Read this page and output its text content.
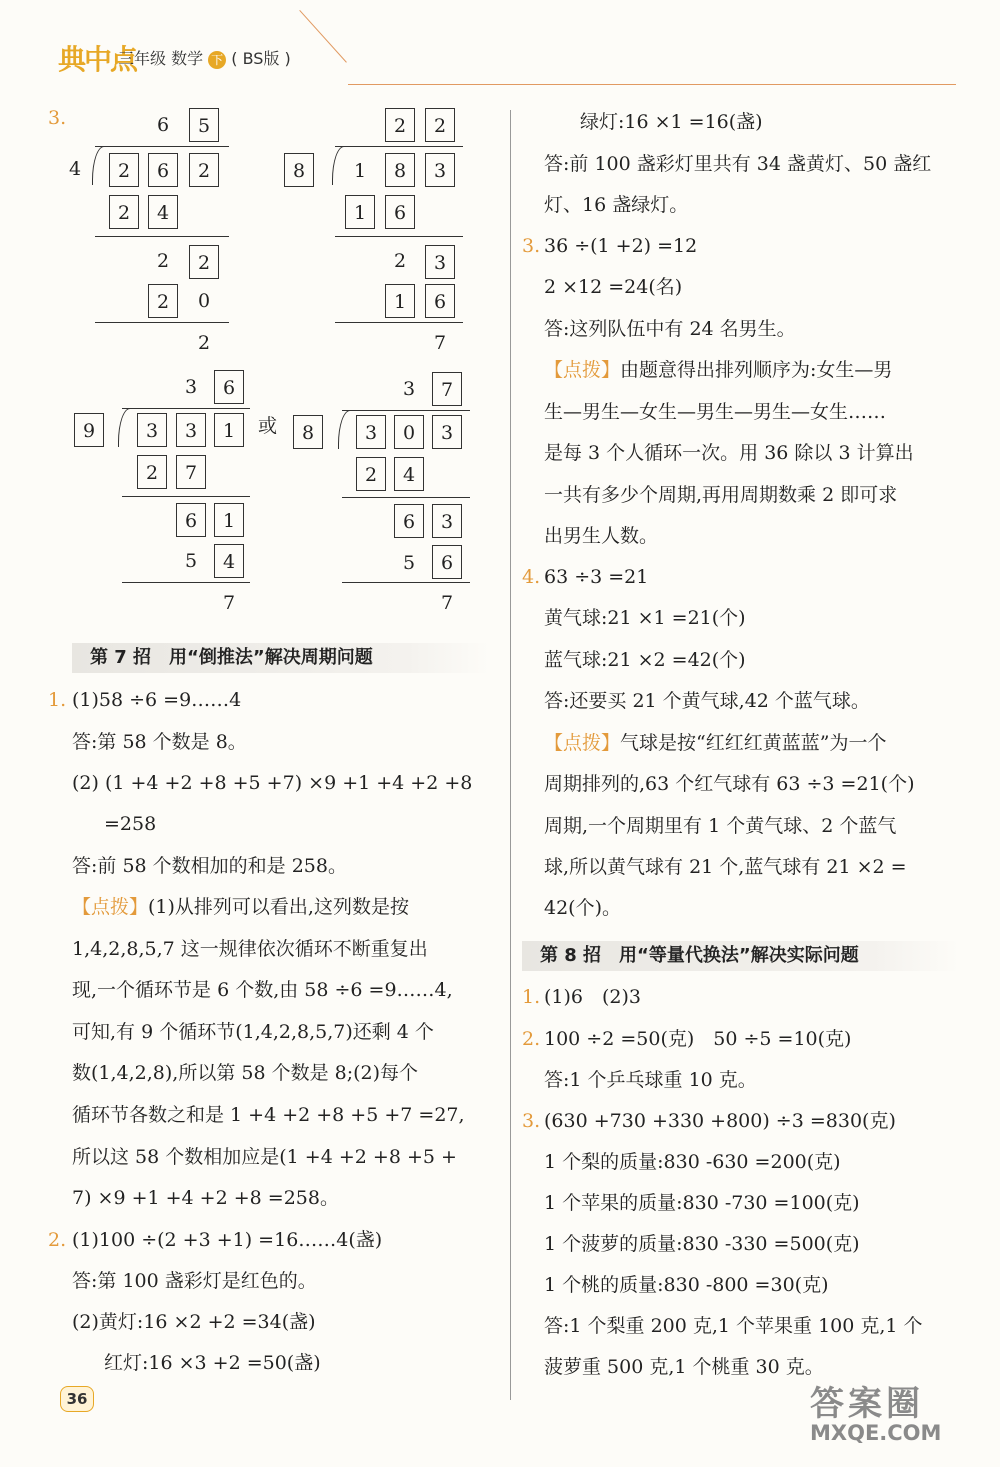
典中点
三年级 数学 下 ( BS版 )
3.	6	5
4	2	6	2
2	4
2	2
2	0
2
2	2
8	1	8	3
1	6
2	3
1	6
7
3	6
9	3	3	1	或
2	7
6	1
5	4
7
3	7
8	3	0	3
2	4
6	3
5	6
7
第 7 招　用“倒推法”解决周期问题
第 8 招　用“等量代换法”解决实际问题
1. (1)58 ÷6 =9……4
答:第 58 个数是 8。
(2) (1 +4 +2 +8 +5 +7) ×9 +1 +4 +2 +8
=258
答:前 58 个数相加的和是 258。
【点拨】(1)从排列可以看出,这列数是按
1,4,2,8,5,7 这一规律依次循环不断重复出
现,一个循环节是 6 个数,由 58 ÷6 =9……4,
可知,有 9 个循环节(1,4,2,8,5,7)还剩 4 个
数(1,4,2,8),所以第 58 个数是 8;(2)每个
循环节各数之和是 1 +4 +2 +8 +5 +7 =27,
所以这 58 个数相加应是(1 +4 +2 +8 +5 +
7) ×9 +1 +4 +2 +8 =258。
2. (1)100 ÷(2 +3 +1) =16……4(盏)
答:第 100 盏彩灯是红色的。
(2)黄灯:16 ×2 +2 =34(盏)
红灯:16 ×3 +2 =50(盏)
绿灯:16 ×1 =16(盏)
答:前 100 盏彩灯里共有 34 盏黄灯、50 盏红
灯、16 盏绿灯。
3. 36 ÷(1 +2) =12
2 ×12 =24(名)
答:这列队伍中有 24 名男生。
【点拨】由题意得出排列顺序为:女生—男
生—男生—女生—男生—男生—女生……
是每 3 个人循环一次。用 36 除以 3 计算出
一共有多少个周期,再用周期数乘 2 即可求
出男生人数。
4. 63 ÷3 =21
黄气球:21 ×1 =21(个)
蓝气球:21 ×2 =42(个)
答:还要买 21 个黄气球,42 个蓝气球。
【点拨】气球是按“红红红黄蓝蓝”为一个
周期排列的,63 个红气球有 63 ÷3 =21(个)
周期,一个周期里有 1 个黄气球、2 个蓝气
球,所以黄气球有 21 个,蓝气球有 21 ×2 =
42(个)。
1. (1)6　(2)3
2. 100 ÷2 =50(克)　50 ÷5 =10(克)
答:1 个乒乓球重 10 克。
3. (630 +730 +330 +800) ÷3 =830(克)
1 个梨的质量:830 -630 =200(克)
1 个苹果的质量:830 -730 =100(克)
1 个菠萝的质量:830 -330 =500(克)
1 个桃的质量:830 -800 =30(克)
答:1 个梨重 200 克,1 个苹果重 100 克,1 个
菠萝重 500 克,1 个桃重 30 克。
36	答案圈
MXQE.COM
